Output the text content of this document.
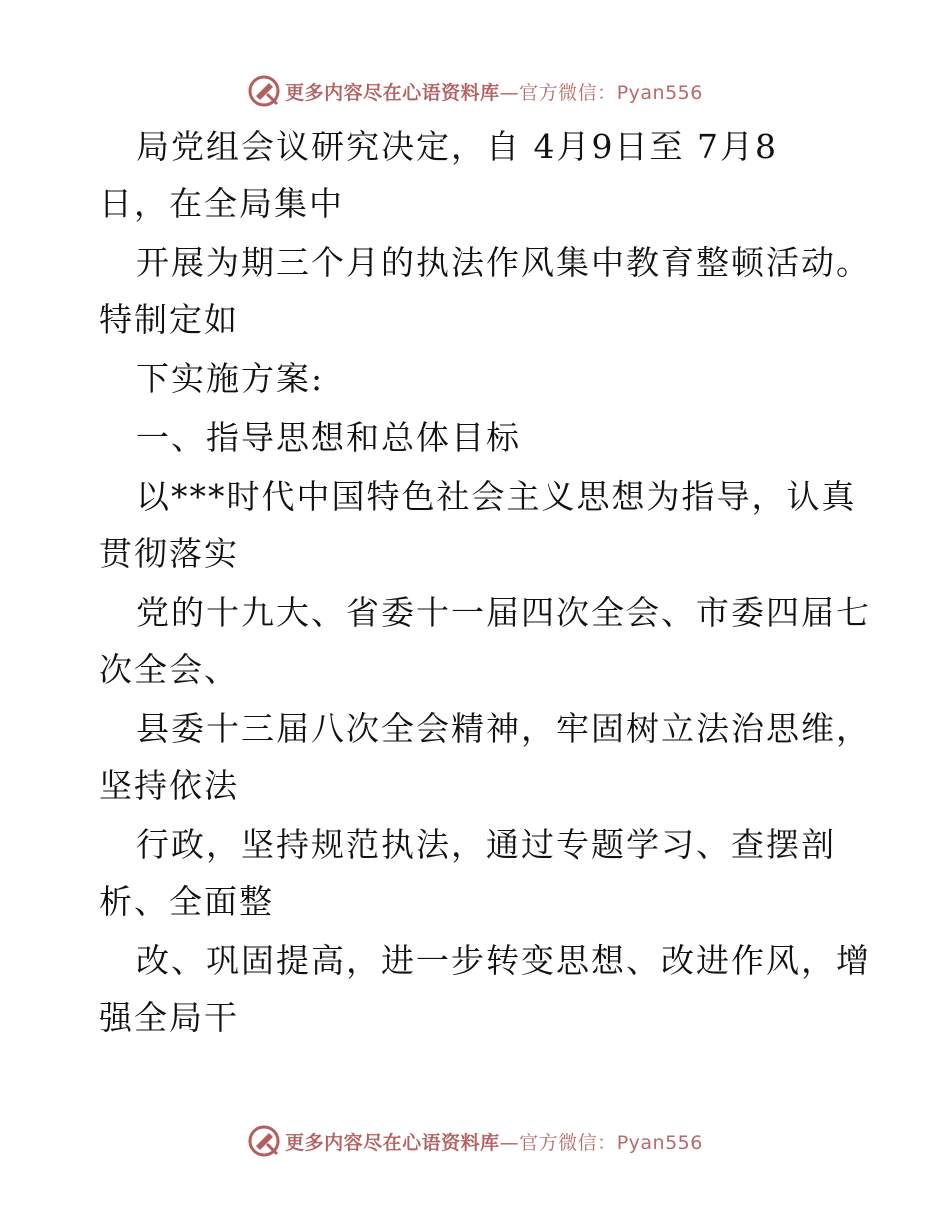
更多内容尽在心语资料库—官方微信：Pyan556
局党组会议研究决定，自 4月9日至 7月8
日，在全局集中
开展为期三个月的执法作风集中教育整顿活动。
特制定如
下实施方案:
一、指导思想和总体目标
以***时代中国特色社会主义思想为指导，认真
贯彻落实
党的十九大、省委十一届四次全会、市委四届七
次全会、
县委十三届八次全会精神，牢固树立法治思维，
坚持依法
行政，坚持规范执法，通过专题学习、查摆剖
析、全面整
改、巩固提高，进一步转变思想、改进作风，增
强全局干
更多内容尽在心语资料库—官方微信：Pyan556
